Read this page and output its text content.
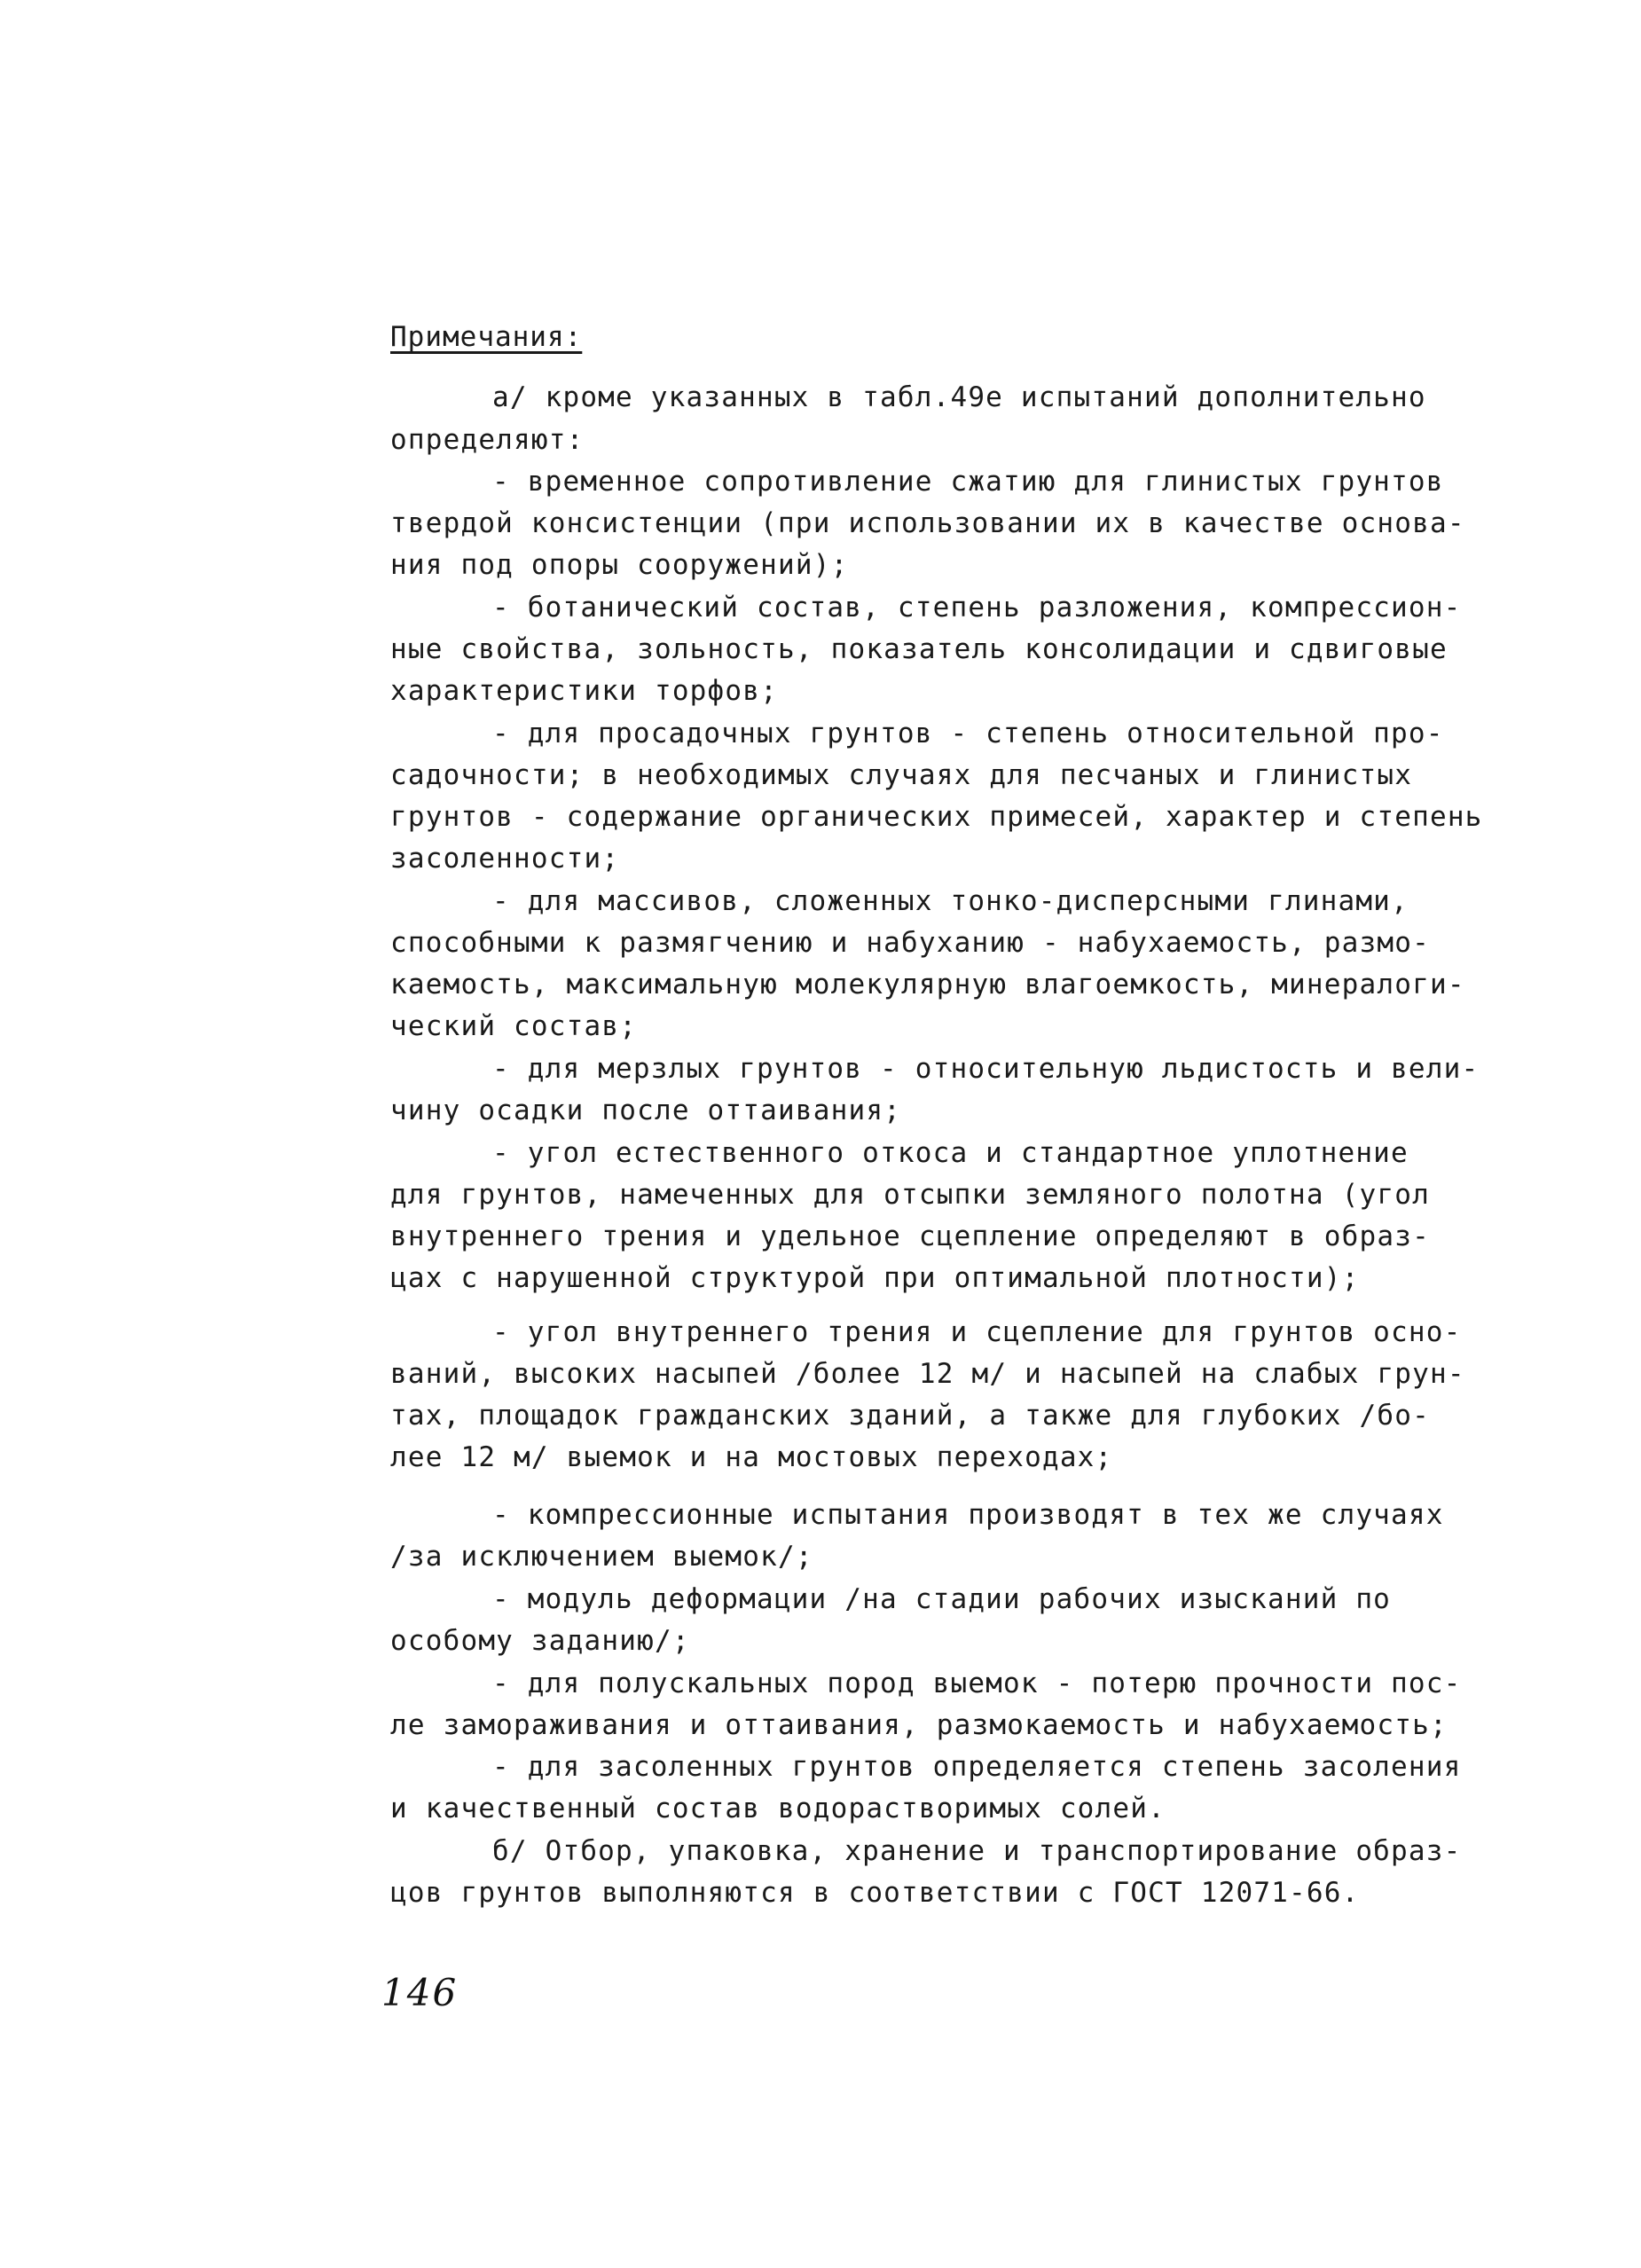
Примечания:
а/ кроме указанных в табл.49е испытаний дополнительно
определяют:
- временное сопротивление сжатию для глинистых грунтов
твердой консистенции (при использовании их в качестве основа-
ния под опоры сооружений);
- ботанический состав, степень разложения, компрессион-
ные свойства, зольность, показатель консолидации и сдвиговые
характеристики торфов;
- для просадочных грунтов - степень относительной про-
садочности; в необходимых случаях для песчаных и глинистых
грунтов - содержание органических примесей, характер и степень
засоленности;
- для массивов, сложенных тонко-дисперсными глинами,
способными к размягчению и набуханию - набухаемость, размо-
каемость, максимальную молекулярную влагоемкость, минералоги-
ческий состав;
- для мерзлых грунтов - относительную льдистость и вели-
чину осадки после оттаивания;
- угол естественного откоса и стандартное уплотнение
для грунтов, намеченных для отсыпки земляного полотна (угол
внутреннего трения и удельное сцепление определяют в образ-
цах с нарушенной структурой при оптимальной плотности);
- угол внутреннего трения и сцепление для грунтов осно-
ваний, высоких насыпей /более 12 м/ и насыпей на слабых грун-
тах, площадок гражданских зданий, а также для глубоких /бо-
лее 12 м/ выемок и на мостовых переходах;
- компрессионные испытания производят в тех же случаях
/за исключением выемок/;
- модуль деформации /на стадии рабочих изысканий по
особому заданию/;
- для полускальных пород выемок - потерю прочности пос-
ле замораживания и оттаивания, размокаемость и набухаемость;
- для засоленных грунтов определяется степень засоления
и качественный состав водорастворимых солей.
б/ Отбор, упаковка, хранение и транспортирование образ-
цов грунтов выполняются в соответствии с ГОСТ 12071-66.
146
